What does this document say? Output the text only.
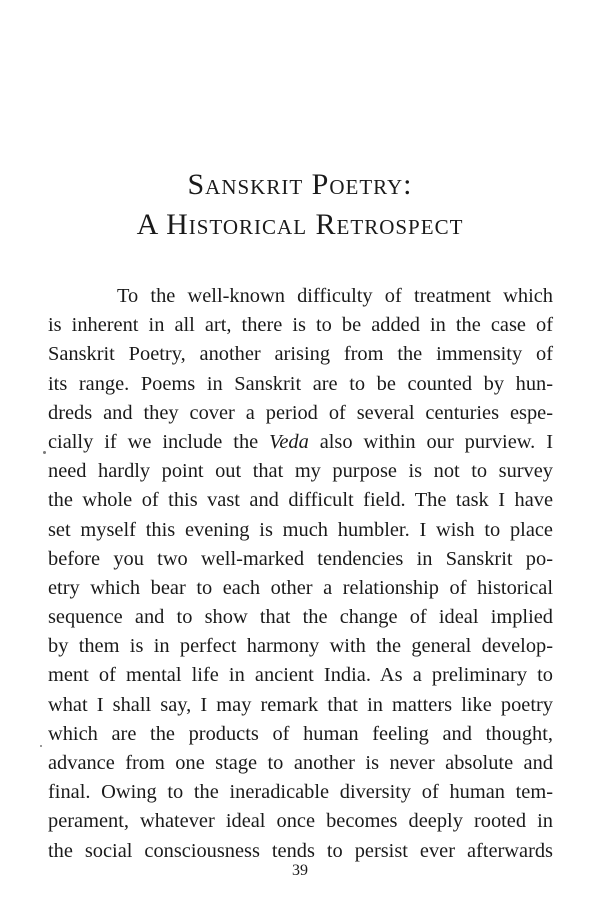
Sanskrit Poetry:
A Historical Retrospect
To the well-known difficulty of treatment which
is inherent in all art, there is to be added in the case of
Sanskrit Poetry, another arising from the immensity of
its range. Poems in Sanskrit are to be counted by hun-
dreds and they cover a period of several centuries espe-
cially if we include the Veda also within our purview. I
need hardly point out that my purpose is not to survey
the whole of this vast and difficult field. The task I have
set myself this evening is much humbler. I wish to place
before you two well-marked tendencies in Sanskrit po-
etry which bear to each other a relationship of historical
sequence and to show that the change of ideal implied
by them is in perfect harmony with the general develop-
ment of mental life in ancient India. As a preliminary to
what I shall say, I may remark that in matters like poetry
which are the products of human feeling and thought,
advance from one stage to another is never absolute and
final. Owing to the ineradicable diversity of human tem-
perament, whatever ideal once becomes deeply rooted in
the social consciousness tends to persist ever afterwards
39
